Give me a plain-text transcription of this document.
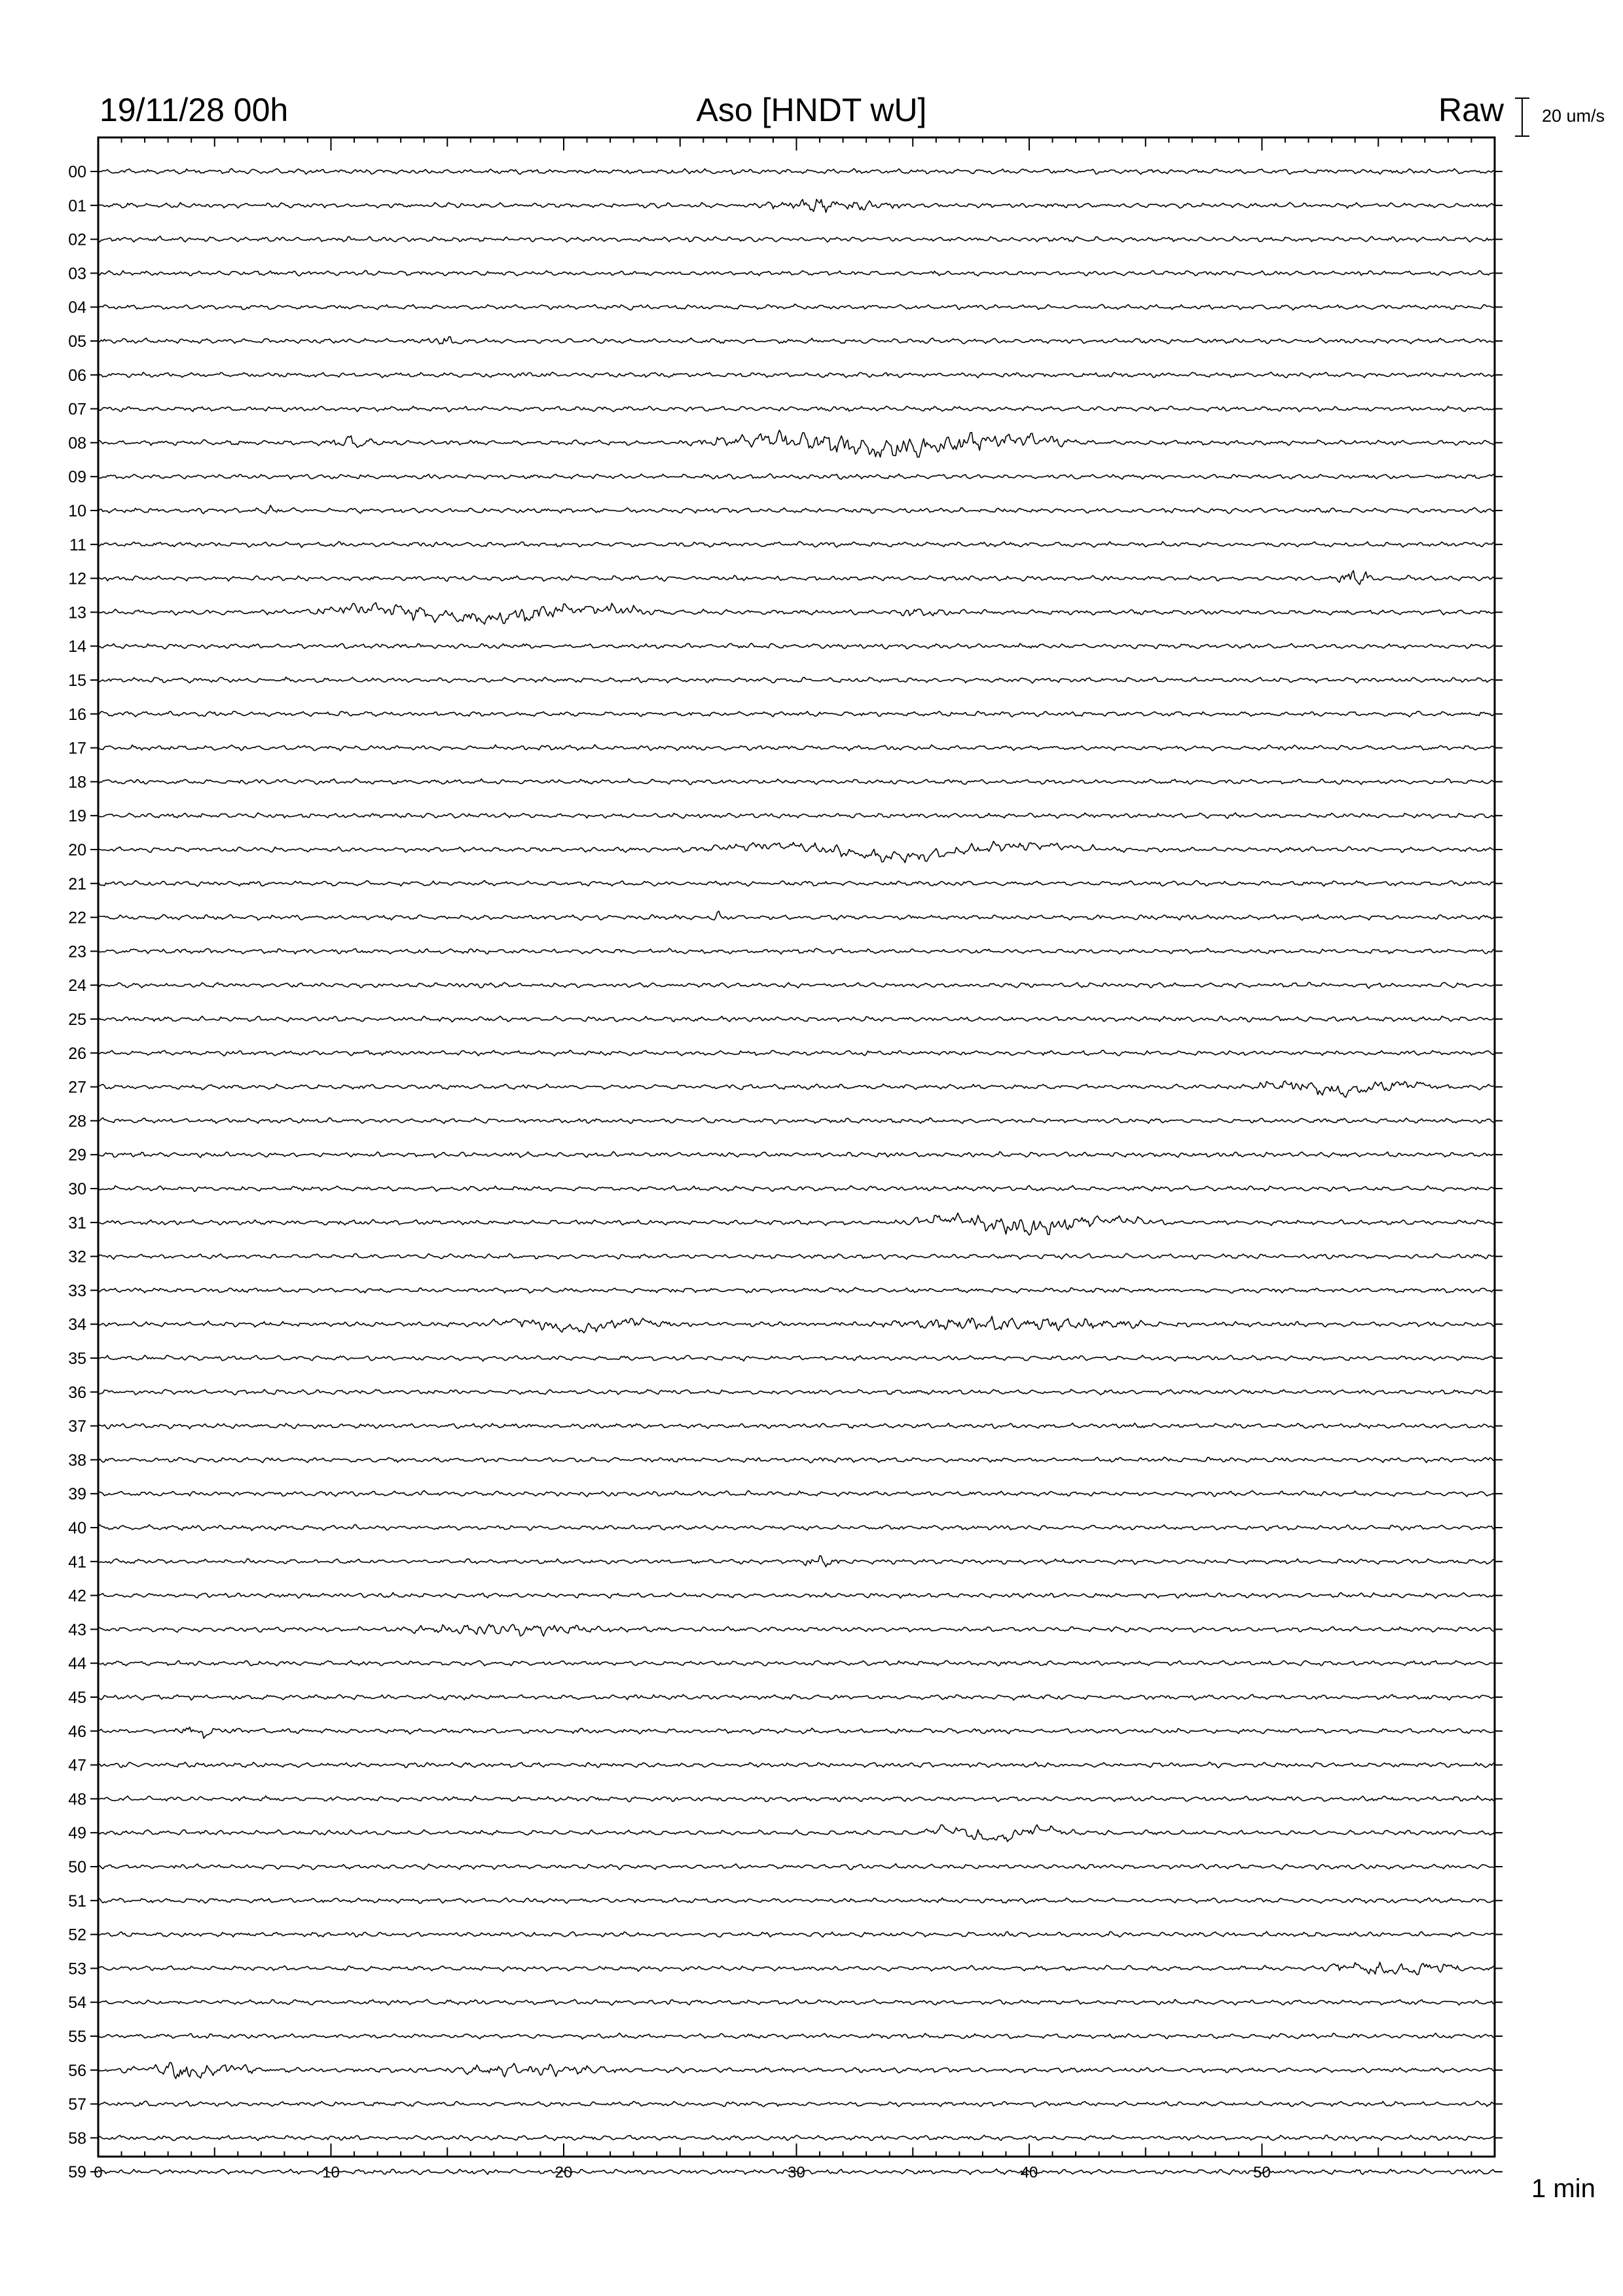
19/11/28 00h	Aso [HNDT wU]	Raw 20 um/s
1 min
0	10	20	30	40	50
00
01
02
03
04
05
06
07
08
09
10
11
12
13
14
15
16
17
18
19
20
21
22
23
24
25
26
27
28
29
30
31
32
33
34
35
36
37
38
39
40
41
42
43
44
45
46
47
48
49
50
51
52
53
54
55
56
57
58
59
